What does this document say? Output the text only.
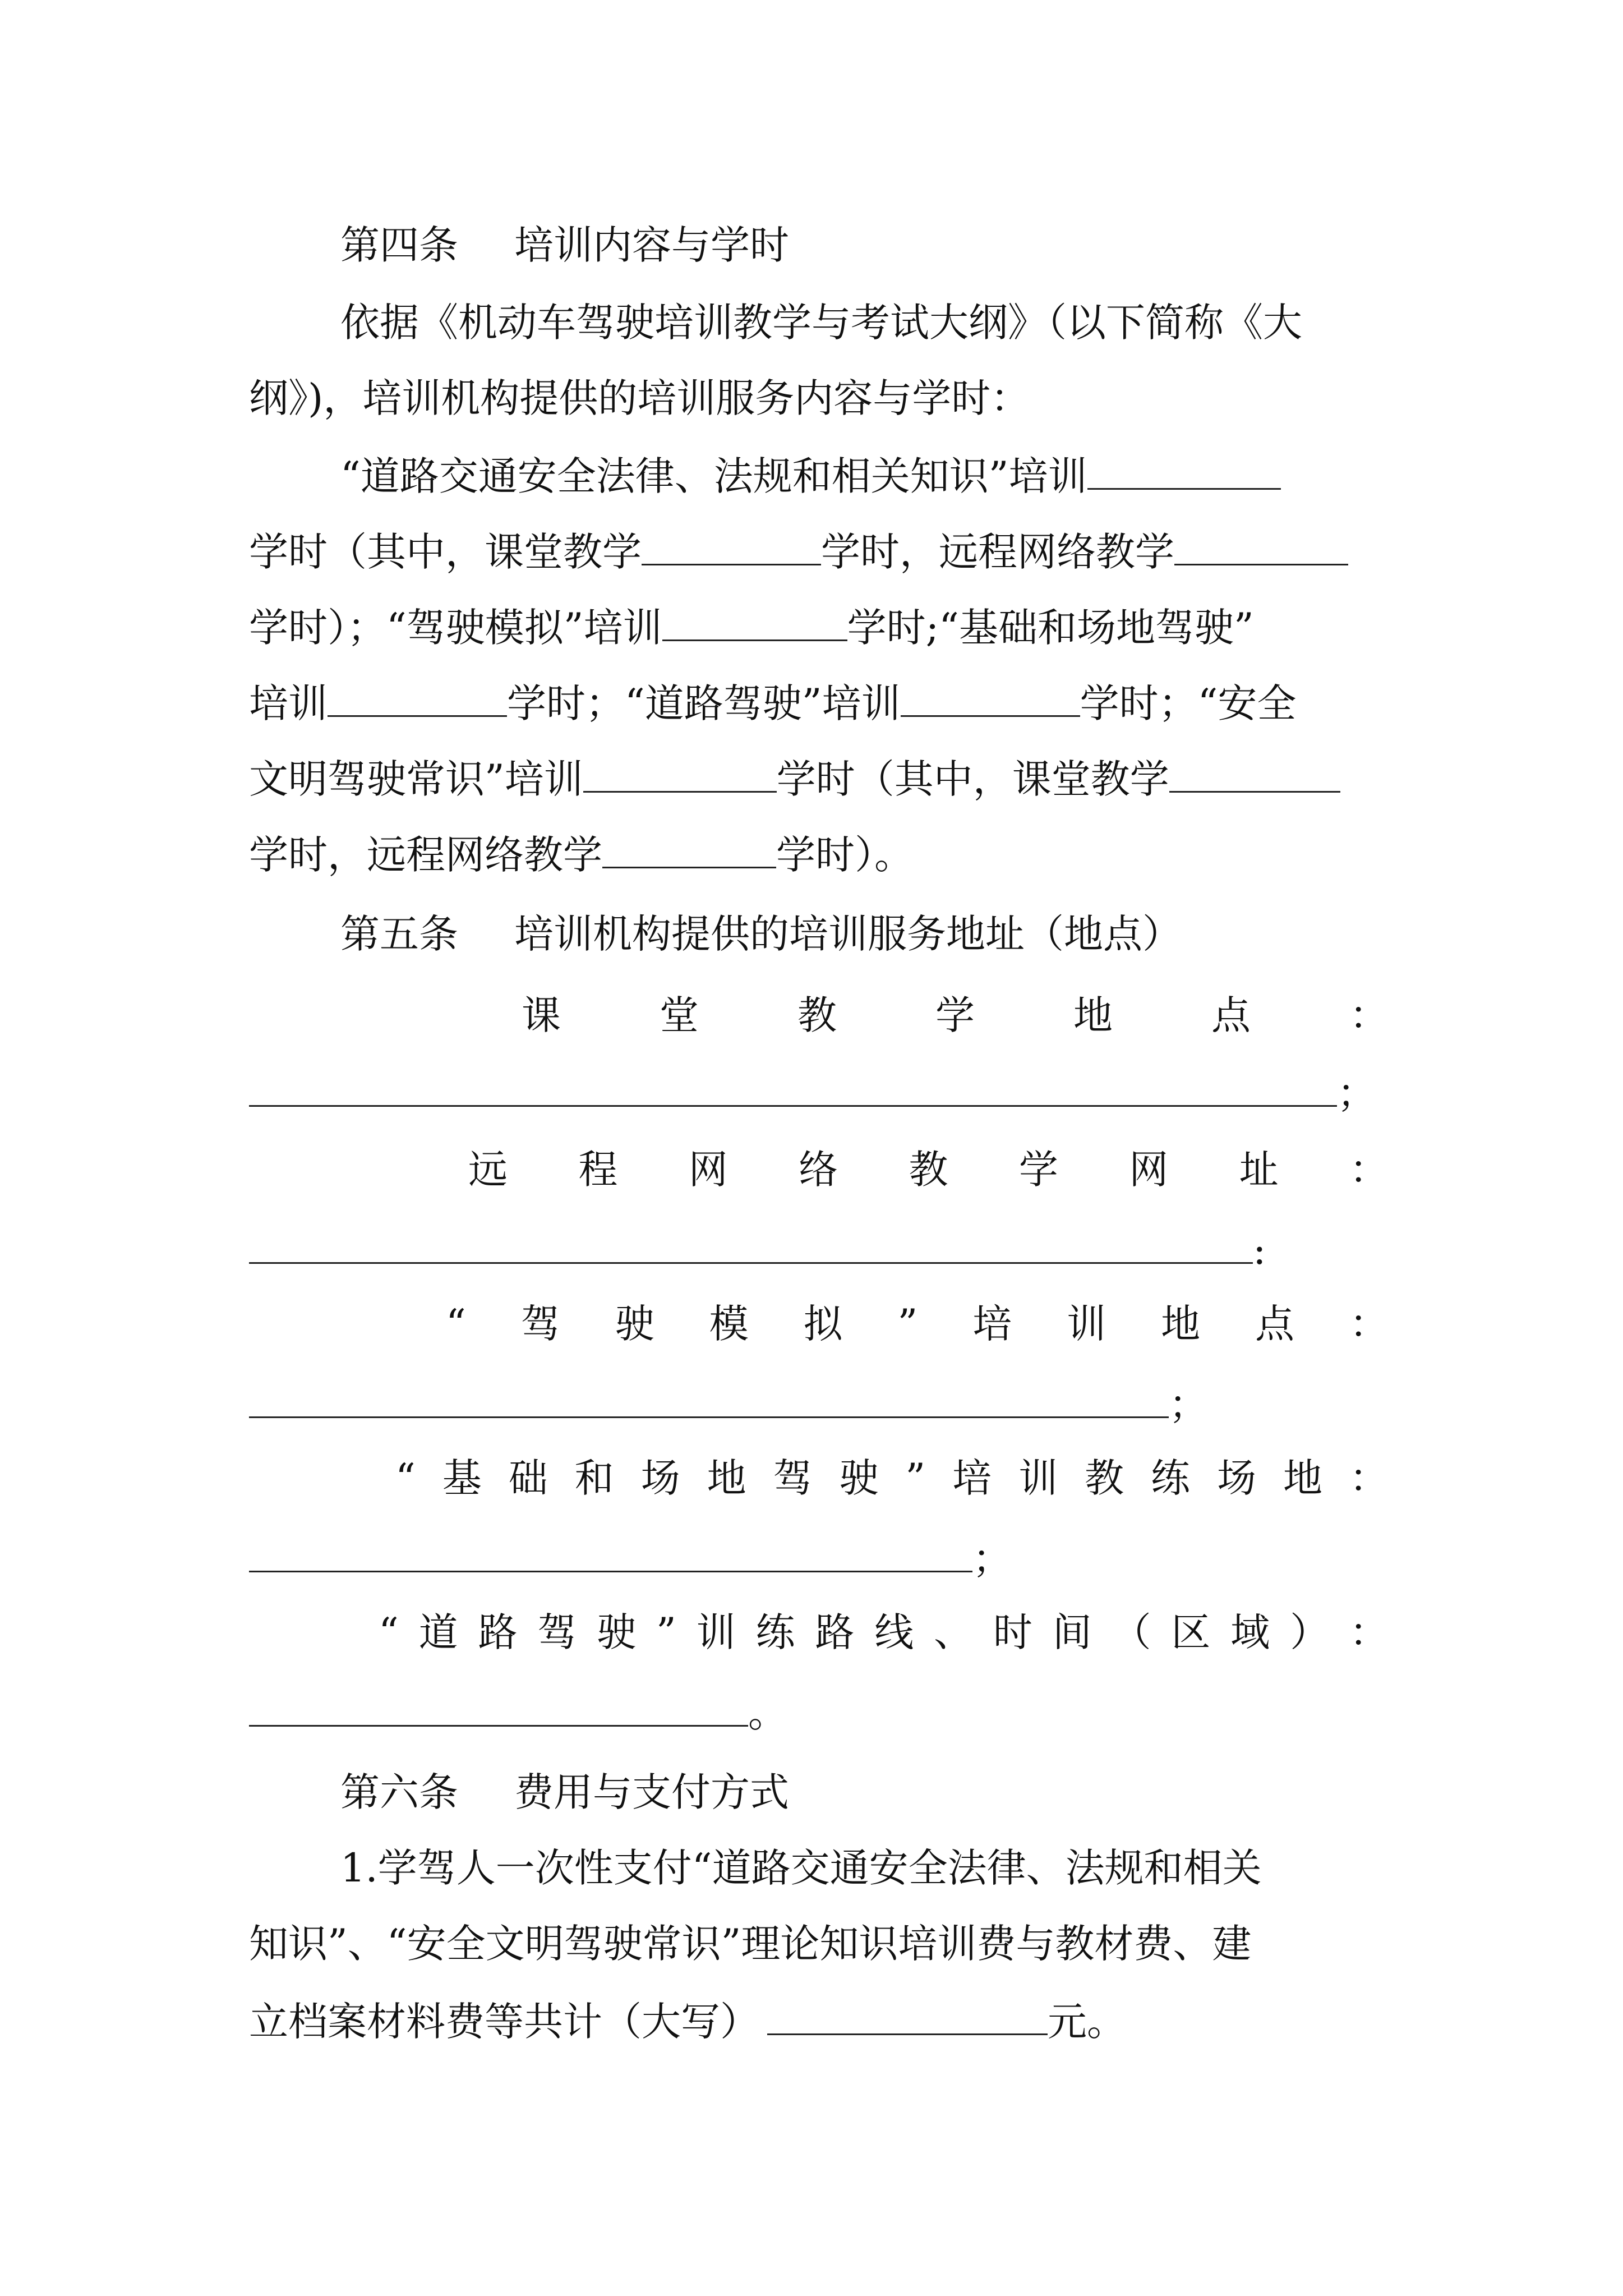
第四条 培训内容与学时
依据《机动车驾驶培训教学与考试大纲》（以下简称《大
纲》)，培训机构提供的培训服务内容与学时：
“道路交通安全法律、法规和相关知识”培训
学时（其中，课堂教学	学时，远程网络教学
学时）；“驾驶模拟”培训	学时;“基础和场地驾驶”
培训	学时；“道路驾驶”培训	学时；“安全
文明驾驶常识”培训	学时（其中，课堂教学
学时，远程网络教学	学时）。
第五条 培训机构提供的培训服务地址（地点）
课	堂	教	学	地	点	：
；
远 程 网 络 教 学 网 址 ：
:
“ 驾 驶 模 拟 ” 培 训 地 点 ：
；
“ 基 础 和 场 地 驾 驶 ” 培 训 教 练 场 地 ：
；
“ 道 路 驾 驶 ” 训 练 路 线 、 时 间 （ 区 域 ） ：
。
第六条 费用与支付方式
1.学驾人一次性支付“道路交通安全法律、法规和相关
知识”、“安全文明驾驶常识”理论知识培训费与教材费、建
立档案材料费等共计（大写）	元。
